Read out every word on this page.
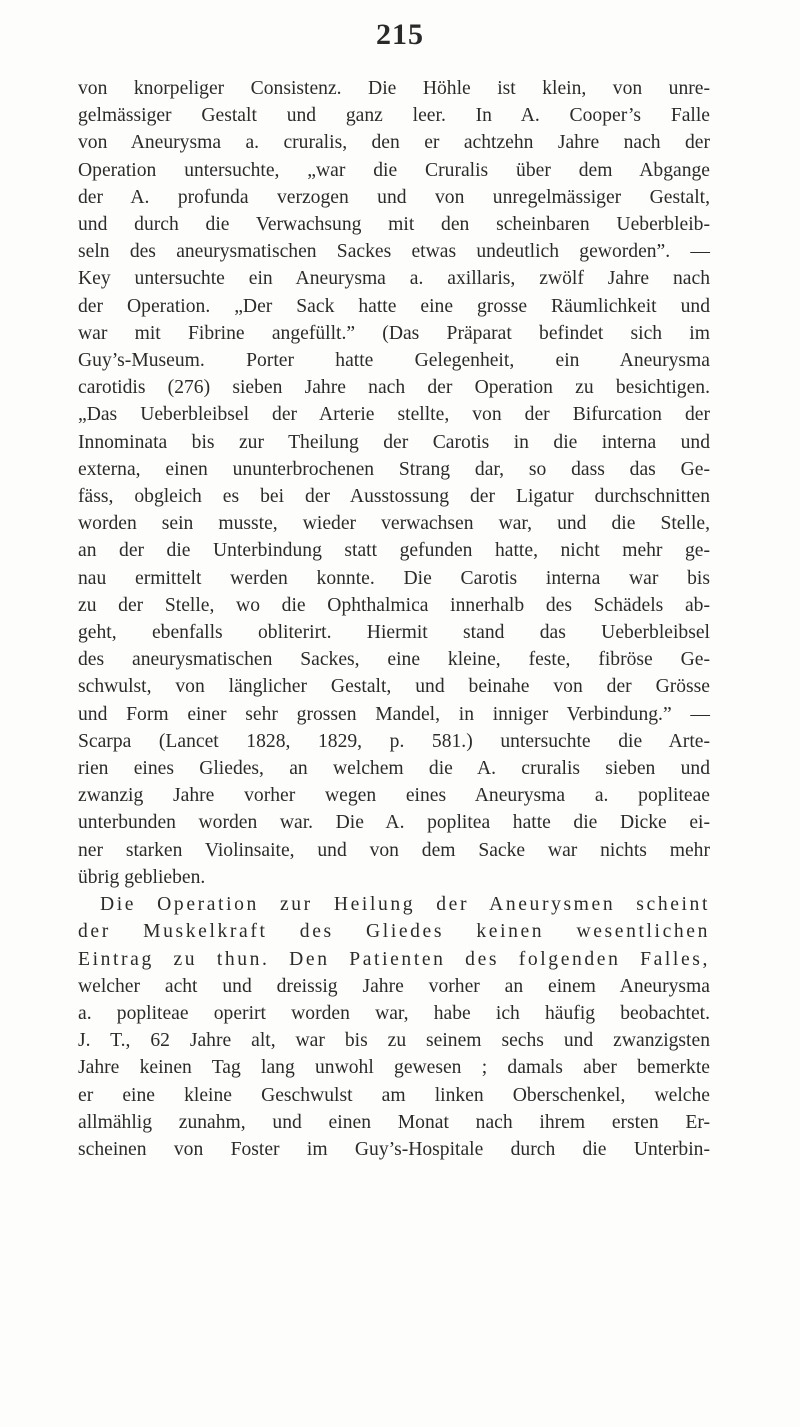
215
von knorpeliger Consistenz. Die Höhle ist klein, von unre-
gelmässiger Gestalt und ganz leer. In A. Cooper’s Falle
von Aneurysma a. cruralis, den er achtzehn Jahre nach der
Operation untersuchte, „war die Cruralis über dem Abgange
der A. profunda verzogen und von unregelmässiger Gestalt,
und durch die Verwachsung mit den scheinbaren Ueberbleib-
seln des aneurysmatischen Sackes etwas undeutlich geworden”. —
Key untersuchte ein Aneurysma a. axillaris, zwölf Jahre nach
der Operation. „Der Sack hatte eine grosse Räumlichkeit und
war mit Fibrine angefüllt.” (Das Präparat befindet sich im
Guy’s-Museum. Porter hatte Gelegenheit, ein Aneurysma
carotidis (276) sieben Jahre nach der Operation zu besichtigen.
„Das Ueberbleibsel der Arterie stellte, von der Bifurcation der
Innominata bis zur Theilung der Carotis in die interna und
externa, einen ununterbrochenen Strang dar, so dass das Ge-
fäss, obgleich es bei der Ausstossung der Ligatur durchschnitten
worden sein musste, wieder verwachsen war, und die Stelle,
an der die Unterbindung statt gefunden hatte, nicht mehr ge-
nau ermittelt werden konnte. Die Carotis interna war bis
zu der Stelle, wo die Ophthalmica innerhalb des Schädels ab-
geht, ebenfalls obliterirt. Hiermit stand das Ueberbleibsel
des aneurysmatischen Sackes, eine kleine, feste, fibröse Ge-
schwulst, von länglicher Gestalt, und beinahe von der Grösse
und Form einer sehr grossen Mandel, in inniger Verbindung.” —
Scarpa (Lancet 1828, 1829, p. 581.) untersuchte die Arte-
rien eines Gliedes, an welchem die A. cruralis sieben und
zwanzig Jahre vorher wegen eines Aneurysma a. popliteae
unterbunden worden war. Die A. poplitea hatte die Dicke ei-
ner starken Violinsaite, und von dem Sacke war nichts mehr
übrig geblieben.
Die Operation zur Heilung der Aneurysmen scheint
der Muskelkraft des Gliedes keinen wesentlichen
Eintrag zu thun. Den Patienten des folgenden Falles,
welcher acht und dreissig Jahre vorher an einem Aneurysma
a. popliteae operirt worden war, habe ich häufig beobachtet.
J. T., 62 Jahre alt, war bis zu seinem sechs und zwanzigsten
Jahre keinen Tag lang unwohl gewesen ; damals aber bemerkte
er eine kleine Geschwulst am linken Oberschenkel, welche
allmählig zunahm, und einen Monat nach ihrem ersten Er-
scheinen von Foster im Guy’s-Hospitale durch die Unterbin-
